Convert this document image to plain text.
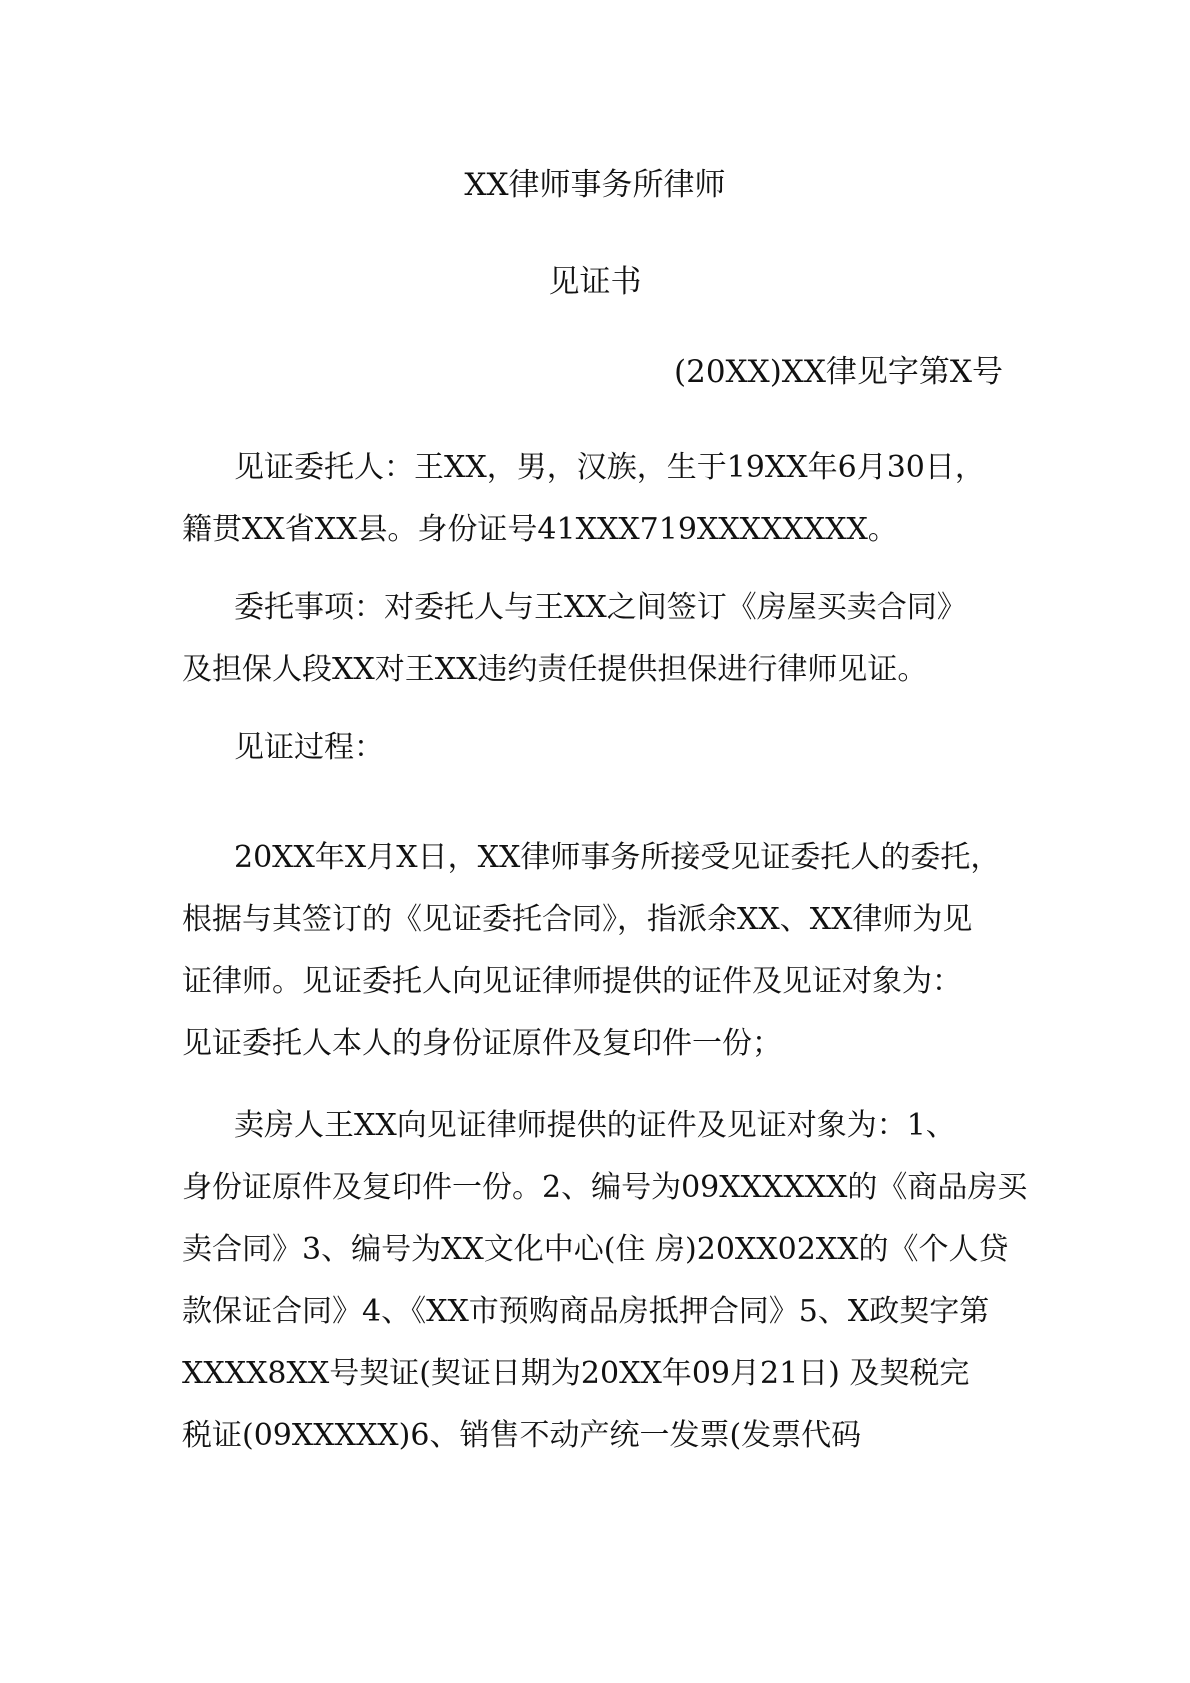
XX律师事务所律师
见证书

(20XX)XX律见字第X号

见证委托人：王XX，男，汉族，生于19XX年6月30日，
籍贯XX省XX县。身份证号41XXX719XXXXXXXX。
委托事项：对委托人与王XX之间签订《房屋买卖合同》
及担保人段XX对王XX违约责任提供担保进行律师见证。
见证过程：
20XX年X月X日，XX律师事务所接受见证委托人的委托，
根据与其签订的《见证委托合同》，指派余XX、XX律师为见
证律师。见证委托人向见证律师提供的证件及见证对象为：
见证委托人本人的身份证原件及复印件一份；
卖房人王XX向见证律师提供的证件及见证对象为：1、
身份证原件及复印件一份。2、编号为09XXXXXX的《商品房买
卖合同》3、编号为XX文化中心(住 房)20XX02XX的《个人贷
款保证合同》4、《XX市预购商品房抵押合同》5、X政契字第
XXXX8XX号契证(契证日期为20XX年09月21日) 及契税完
税证(09XXXXX)6、销售不动产统一发票(发票代码
